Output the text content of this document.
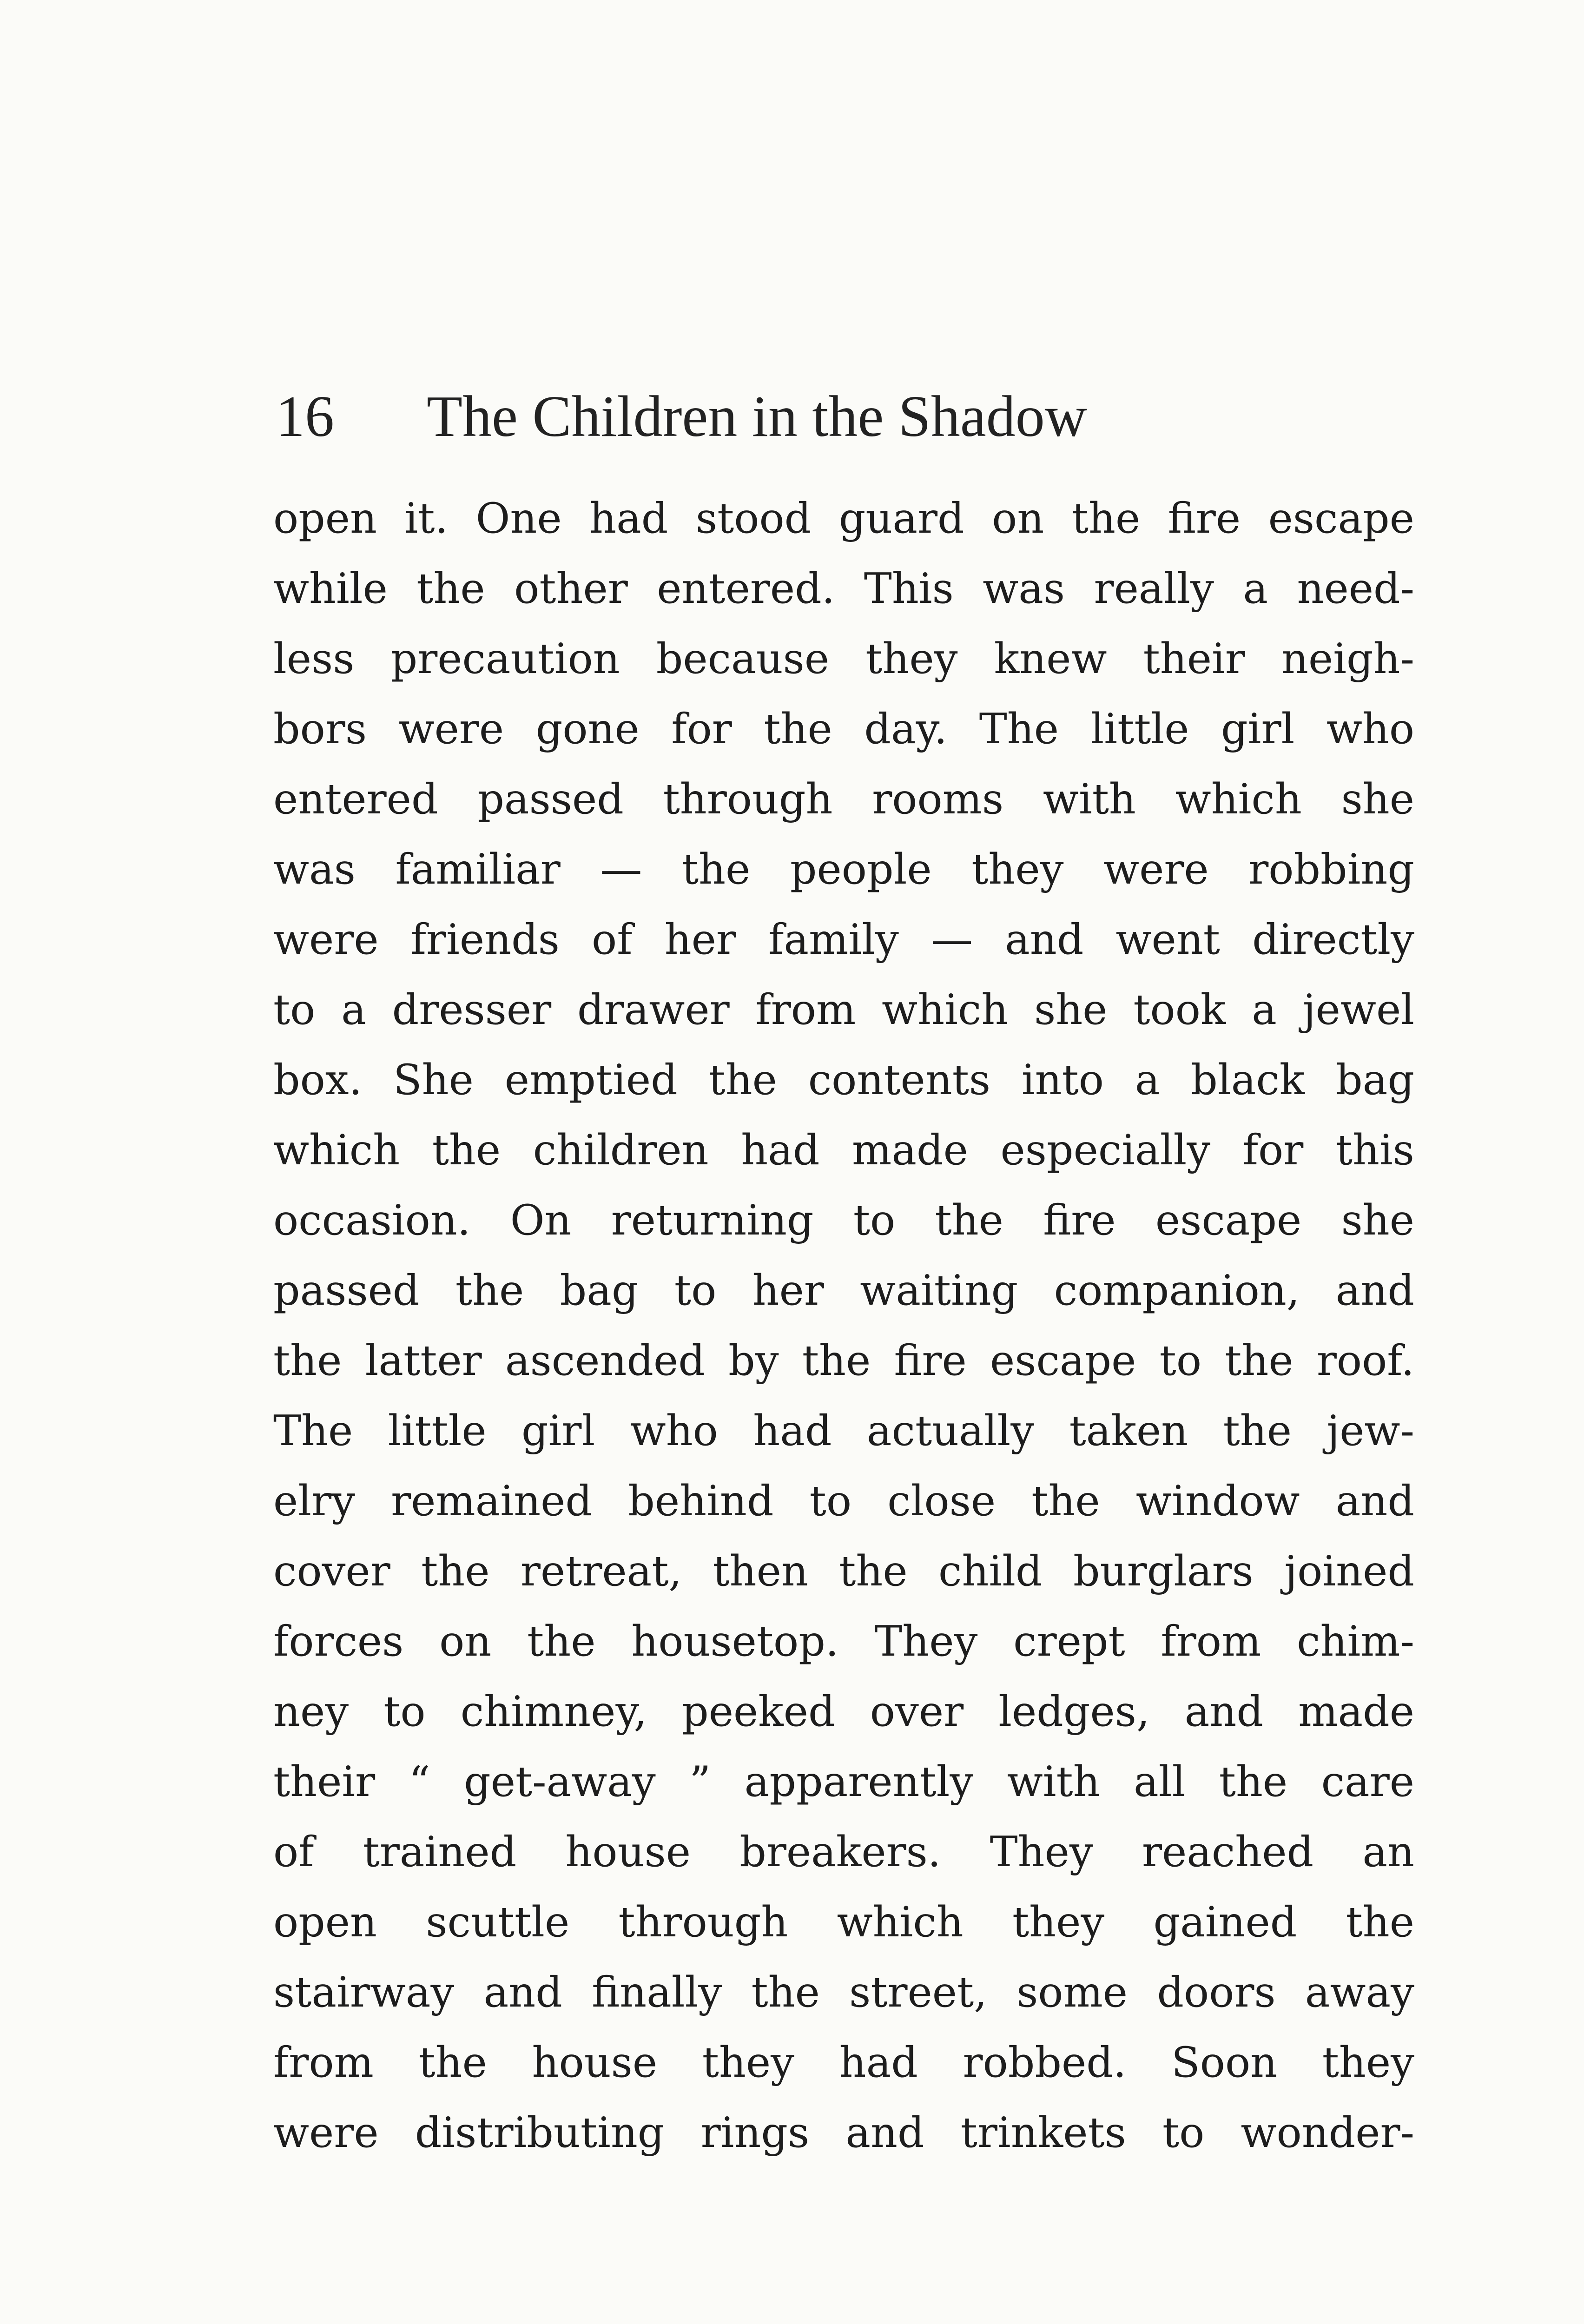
16 The Children in the Shadow
open it. One had stood guard on the fire escape
while the other entered. This was really a need-
less precaution because they knew their neigh-
bors were gone for the day. The little girl who
entered passed through rooms with which she
was familiar — the people they were robbing
were friends of her family — and went directly
to a dresser drawer from which she took a jewel
box. She emptied the contents into a black bag
which the children had made especially for this
occasion. On returning to the fire escape she
passed the bag to her waiting companion, and
the latter ascended by the fire escape to the roof.
The little girl who had actually taken the jew-
elry remained behind to close the window and
cover the retreat, then the child burglars joined
forces on the housetop. They crept from chim-
ney to chimney, peeked over ledges, and made
their “ get-away ” apparently with all the care
of trained house breakers. They reached an
open scuttle through which they gained the
stairway and finally the street, some doors away
from the house they had robbed. Soon they
were distributing rings and trinkets to wonder-
